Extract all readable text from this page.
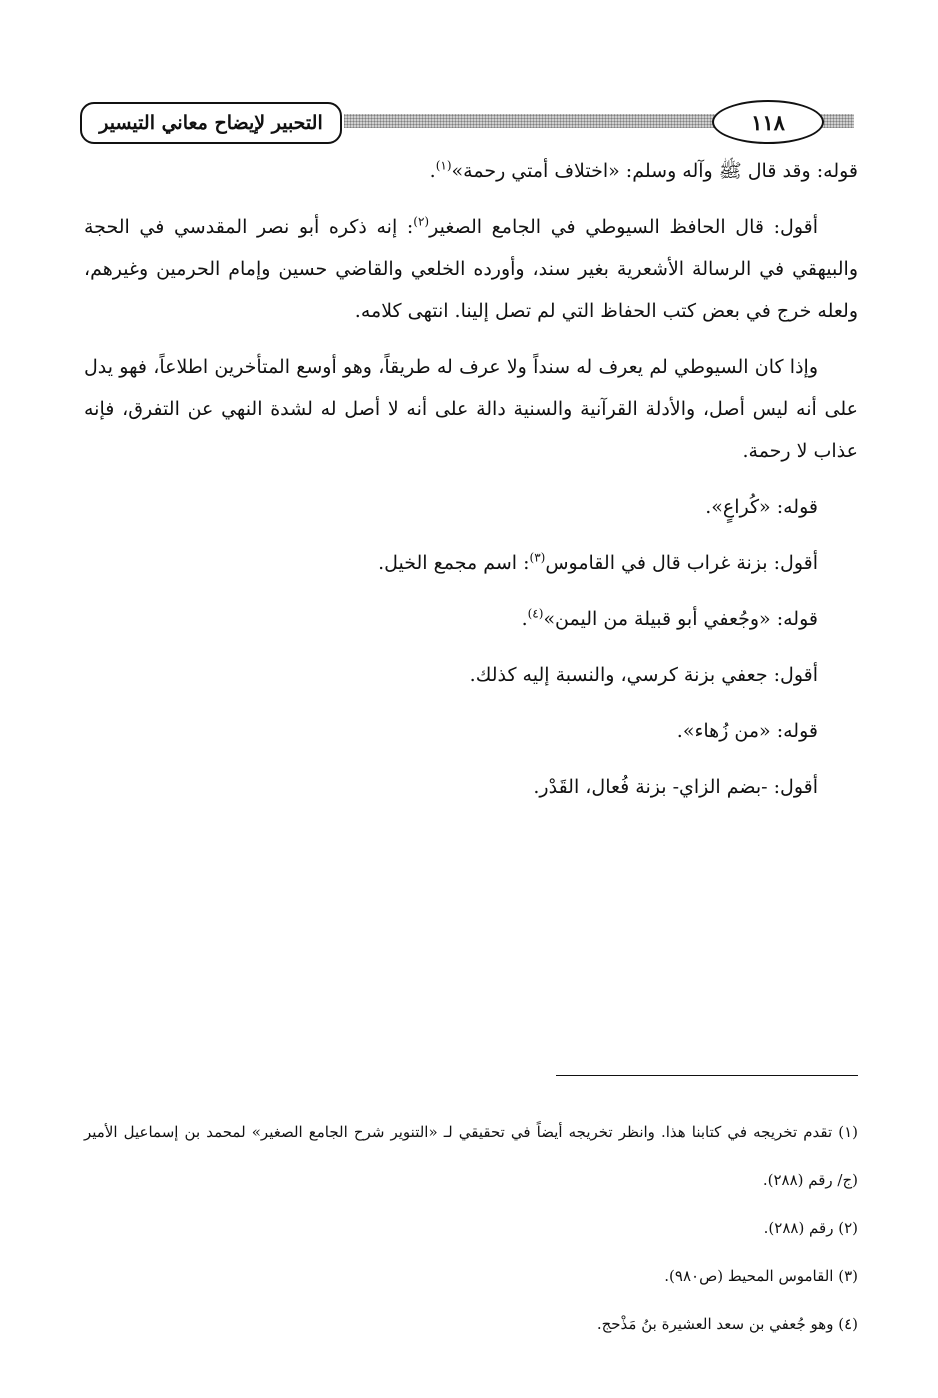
التحبير لإيضاح معاني التيسير	١١٨

قوله: وقد قال ﷺ وآله وسلم: «اختلاف أمتي رحمة»$^{(١)}$.

أقول: قال الحافظ السيوطي في الجامع الصغير$^{(٢)}$: إنه ذكره أبو نصر المقدسي في الحجة والبيهقي في الرسالة الأشعرية بغير سند، وأورده الخلعي والقاضي حسين وإمام الحرمين وغيرهم، ولعله خرج في بعض كتب الحفاظ التي لم تصل إلينا. انتهى كلامه.

وإذا كان السيوطي لم يعرف له سنداً ولا عرف له طريقاً، وهو أوسع المتأخرين اطلاعاً، فهو يدل على أنه ليس أصل، والأدلة القرآنية والسنية دالة على أنه لا أصل له لشدة النهي عن التفرق، فإنه عذاب لا رحمة.

قوله: «كُراعٍ».

أقول: بزنة غراب قال في القاموس$^{(٣)}$: اسم مجمع الخيل.

قوله: «وجُعفي أبو قبيلة من اليمن»$^{(٤)}$.

أقول: جعفي بزنة كرسي، والنسبة إليه كذلك.

قوله: «من زُهاء».

أقول: -بضم الزاي- بزنة فُعال، القَدْر.

(١) تقدم تخريجه في كتابنا هذا. وانظر تخريجه أيضاً في تحقيقي لـ «التنوير شرح الجامع الصغير» لمحمد بن إسماعيل الأمير (ج/ رقم (٢٨٨).

(٢) رقم (٢٨٨).

(٣) القاموس المحيط (ص٩٨٠).

(٤) وهو جُعفي بن سعد العشيرة بنُ مَذْحج.
